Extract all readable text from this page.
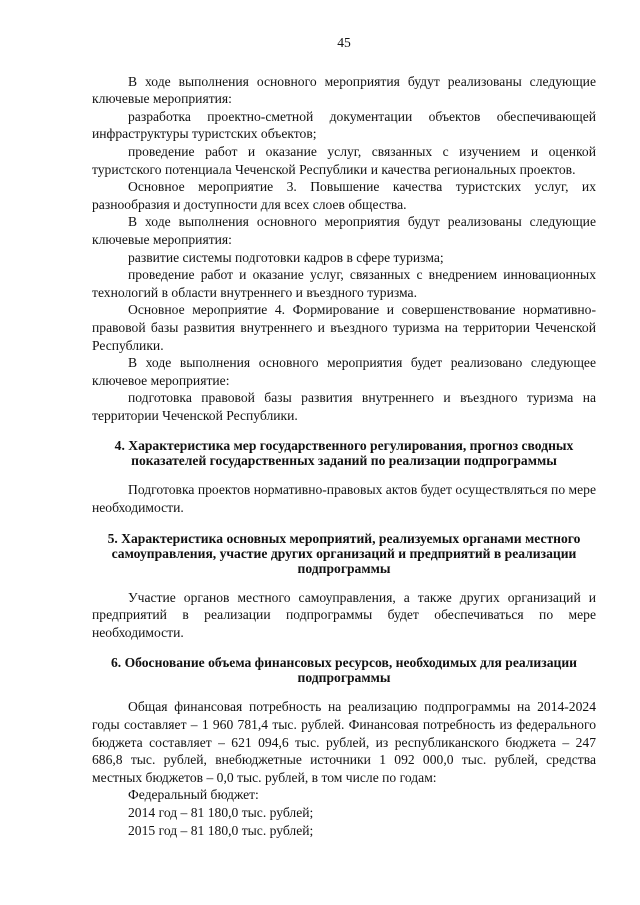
45

В ходе выполнения основного мероприятия будут реализованы следующие ключевые мероприятия:

разработка проектно-сметной документации объектов обеспечивающей инфраструктуры туристских объектов;

проведение работ и оказание услуг, связанных с изучением и оценкой туристского потенциала Чеченской Республики и качества региональных проектов.

Основное мероприятие 3. Повышение качества туристских услуг, их разнообразия и доступности для всех слоев общества.

В ходе выполнения основного мероприятия будут реализованы следующие ключевые мероприятия:

развитие системы подготовки кадров в сфере туризма;

проведение работ и оказание услуг, связанных с внедрением инновационных технологий в области внутреннего и въездного туризма.

Основное мероприятие 4. Формирование и совершенствование нормативно-правовой базы развития внутреннего и въездного туризма на территории Чеченской Республики.

В ходе выполнения основного мероприятия будет реализовано следующее ключевое мероприятие:

подготовка правовой базы развития внутреннего и въездного туризма на территории Чеченской Республики.

4. Характеристика мер государственного регулирования, прогноз сводных показателей государственных заданий по реализации подпрограммы

Подготовка проектов нормативно-правовых актов будет осуществляться по мере необходимости.

5. Характеристика основных мероприятий, реализуемых органами местного самоуправления, участие других организаций и предприятий в реализации подпрограммы

Участие органов местного самоуправления, а также других организаций и предприятий в реализации подпрограммы будет обеспечиваться по мере необходимости.

6. Обоснование объема финансовых ресурсов, необходимых для реализации подпрограммы

Общая финансовая потребность на реализацию подпрограммы на 2014-2024 годы составляет – 1 960 781,4 тыс. рублей. Финансовая потребность из федерального бюджета составляет – 621 094,6 тыс. рублей, из республиканского бюджета – 247 686,8 тыс. рублей, внебюджетные источники 1 092 000,0 тыс. рублей, средства местных бюджетов – 0,0 тыс. рублей, в том числе по годам:

Федеральный бюджет:
2014 год – 81 180,0 тыс. рублей;
2015 год – 81 180,0 тыс. рублей;
